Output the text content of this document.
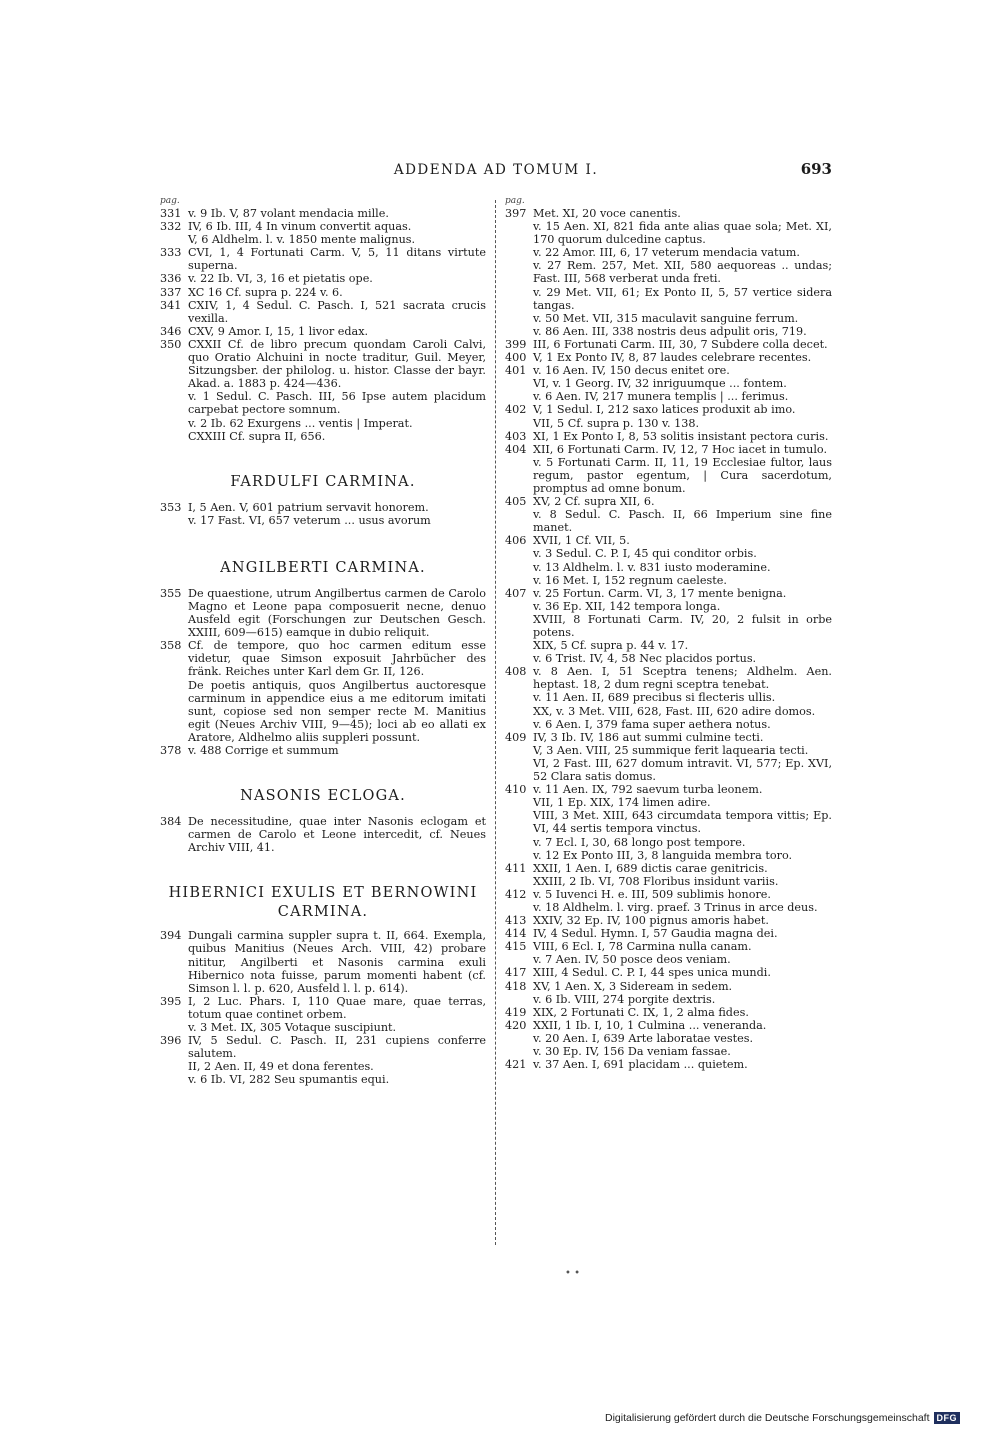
ADDENDA AD TOMUM I.	693
pag.

331 v. 9 Ib. V, 87 volant mendacia mille.

332 IV, 6 Ib. III, 4 In vinum convertit aquas.

V, 6 Aldhelm. l. v. 1850 mente malignus.

333 CVI, 1, 4 Fortunati Carm. V, 5, 11 ditans virtute superna.

336 v. 22 Ib. VI, 3, 16 et pietatis ope.

337 XC 16 Cf. supra p. 224 v. 6.

341 CXIV, 1, 4 Sedul. C. Pasch. I, 521 sacrata crucis vexilla.

346 CXV, 9 Amor. I, 15, 1 livor edax.

350 CXXII Cf. de libro precum quondam Caroli Calvi, quo Oratio Alchuini in nocte traditur, Guil. Meyer, Sitzungsber. der philolog. u. histor. Classe der bayr. Akad. a. 1883 p. 424—436.

v. 1 Sedul. C. Pasch. III, 56 Ipse autem placidum carpebat pectore somnum.

v. 2 Ib. 62 Exurgens ... ventis | Imperat.

CXXIII Cf. supra II, 656.

FARDULFI CARMINA.

353 I, 5 Aen. V, 601 patrium servavit honorem.

v. 17 Fast. VI, 657 veterum ... usus avorum

ANGILBERTI CARMINA.

355 De quaestione, utrum Angilbertus carmen de Carolo Magno et Leone papa composuerit necne, denuo Ausfeld egit (Forschungen zur Deutschen Gesch. XXIII, 609—615) eamque in dubio reliquit.

358 Cf. de tempore, quo hoc carmen editum esse videtur, quae Simson exposuit Jahrbücher des fränk. Reiches unter Karl dem Gr. II, 126.

De poetis antiquis, quos Angilbertus auctoresque carminum in appendice eius a me editorum imitati sunt, copiose sed non semper recte M. Manitius egit (Neues Archiv VIII, 9—45); loci ab eo allati ex Aratore, Aldhelmo aliis suppleri possunt.

378 v. 488 Corrige et summum

NASONIS ECLOGA.

384 De necessitudine, quae inter Nasonis eclogam et carmen de Carolo et Leone intercedit, cf. Neues Archiv VIII, 41.

HIBERNICI EXULIS ET BERNOWINI CARMINA.

394 Dungali carmina suppler supra t. II, 664. Exempla, quibus Manitius (Neues Arch. VIII, 42) probare nititur, Angilberti et Nasonis carmina exuli Hibernico nota fuisse, parum momenti habent (cf. Simson l. l. p. 620, Ausfeld l. l. p. 614).

395 I, 2 Luc. Phars. I, 110 Quae mare, quae terras, totum quae continet orbem.

v. 3 Met. IX, 305 Votaque suscipiunt.

396 IV, 5 Sedul. C. Pasch. II, 231 cupiens conferre salutem.

II, 2 Aen. II, 49 et dona ferentes.

v. 6 Ib. VI, 282 Seu spumantis equi.

pag.

397 Met. XI, 20 voce canentis.

v. 15 Aen. XI, 821 fida ante alias quae sola; Met. XI, 170 quorum dulcedine captus.

v. 22 Amor. III, 6, 17 veterum mendacia vatum.

v. 27 Rem. 257, Met. XII, 580 aequoreas .. undas; Fast. III, 568 verberat unda freti.

v. 29 Met. VII, 61; Ex Ponto II, 5, 57 vertice sidera tangas.

v. 50 Met. VII, 315 maculavit sanguine ferrum.

v. 86 Aen. III, 338 nostris deus adpulit oris, 719.

399 III, 6 Fortunati Carm. III, 30, 7 Subdere colla decet.

400 V, 1 Ex Ponto IV, 8, 87 laudes celebrare recentes.

401 v. 16 Aen. IV, 150 decus enitet ore.

VI, v. 1 Georg. IV, 32 inriguumque ... fontem.

v. 6 Aen. IV, 217 munera templis | ... ferimus.

402 V, 1 Sedul. I, 212 saxo latices produxit ab imo.

VII, 5 Cf. supra p. 130 v. 138.

403 XI, 1 Ex Ponto I, 8, 53 solitis insistant pectora curis.

404 XII, 6 Fortunati Carm. IV, 12, 7 Hoc iacet in tumulo.

v. 5 Fortunati Carm. II, 11, 19 Ecclesiae fultor, laus regum, pastor egentum, | Cura sacerdotum, promptus ad omne bonum.

405 XV, 2 Cf. supra XII, 6.

v. 8 Sedul. C. Pasch. II, 66 Imperium sine fine manet.

406 XVII, 1 Cf. VII, 5.

v. 3 Sedul. C. P. I, 45 qui conditor orbis.

v. 13 Aldhelm. l. v. 831 iusto moderamine.

v. 16 Met. I, 152 regnum caeleste.

407 v. 25 Fortun. Carm. VI, 3, 17 mente benigna.

v. 36 Ep. XII, 142 tempora longa.

XVIII, 8 Fortunati Carm. IV, 20, 2 fulsit in orbe potens.

XIX, 5 Cf. supra p. 44 v. 17.

v. 6 Trist. IV, 4, 58 Nec placidos portus.

408 v. 8 Aen. I, 51 Sceptra tenens; Aldhelm. Aen. heptast. 18, 2 dum regni sceptra tenebat.

v. 11 Aen. II, 689 precibus si flecteris ullis.

XX, v. 3 Met. VIII, 628, Fast. III, 620 adire domos.

v. 6 Aen. I, 379 fama super aethera notus.

409 IV, 3 Ib. IV, 186 aut summi culmine tecti.

V, 3 Aen. VIII, 25 summique ferit laquearia tecti.

VI, 2 Fast. III, 627 domum intravit. VI, 577; Ep. XVI, 52 Clara satis domus.

410 v. 11 Aen. IX, 792 saevum turba leonem.

VII, 1 Ep. XIX, 174 limen adire.

VIII, 3 Met. XIII, 643 circumdata tempora vittis; Ep. VI, 44 sertis tempora vinctus.

v. 7 Ecl. I, 30, 68 longo post tempore.

v. 12 Ex Ponto III, 3, 8 languida membra toro.

411 XXII, 1 Aen. I, 689 dictis carae genitricis.

XXIII, 2 Ib. VI, 708 Floribus insidunt variis.

412 v. 5 Iuvenci H. e. III, 509 sublimis honore.

v. 18 Aldhelm. l. virg. praef. 3 Trinus in arce deus.

413 XXIV, 32 Ep. IV, 100 pignus amoris habet.

414 IV, 4 Sedul. Hymn. I, 57 Gaudia magna dei.

415 VIII, 6 Ecl. I, 78 Carmina nulla canam.

v. 7 Aen. IV, 50 posce deos veniam.

417 XIII, 4 Sedul. C. P. I, 44 spes unica mundi.

418 XV, 1 Aen. X, 3 Sideream in sedem.

v. 6 Ib. VIII, 274 porgite dextris.

419 XIX, 2 Fortunati C. IX, 1, 2 alma fides.

420 XXII, 1 Ib. I, 10, 1 Culmina ... veneranda.

v. 20 Aen. I, 639 Arte laboratae vestes.

v. 30 Ep. IV, 156 Da veniam fassae.

421 v. 37 Aen. I, 691 placidam ... quietem.

• •
Digitalisierung gefördert durch die Deutsche Forschungsgemeinschaft DFG
